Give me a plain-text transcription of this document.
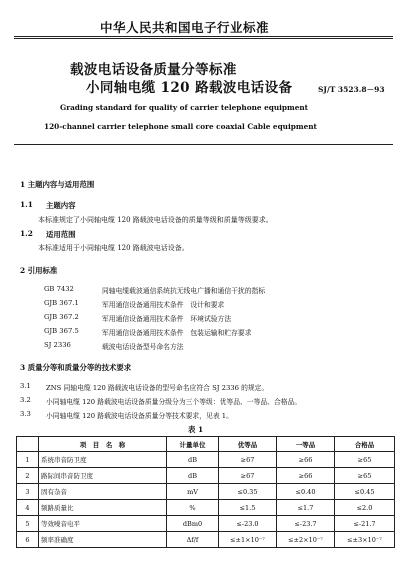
中华人民共和国电子行业标准
载波电话设备质量分等标准
小同轴电缆 120 路载波电话设备	SJ/T 3523.8－93
Grading standard for quality of carrier telephone equipment
120-channel carrier telephone small core coaxial Cable equipment
1 主题内容与适用范围
1.1 主题内容
本标准规定了小同轴电缆 120 路载波电话设备的质量等级和质量等级要求。
1.2 适用范围
本标准适用于小同轴电缆 120 路载波电话设备。
2 引用标准
GB 7432	同轴电缆载波通信系统抗无线电广播和通信干扰的指标
GJB 367.1	军用通信设备通用技术条件　设计和要求
GJB 367.2	军用通信设备通用技术条件　环境试验方法
GJB 367.5	军用通信设备通用技术条件　包装运输和贮存要求
SJ 2336	载波电话设备型号命名方法
3 质量分等和质量分等的技术要求
3.1 ZNS 同轴电缆 120 路载波电话设备的型号命名应符合 SJ 2336 的规定。
3.2 小同轴电缆 120 路载波电话设备质量分级分为三个等级：优等品、一等品、合格品。
3.3 小同轴电缆 120 路载波电话设备质量分等技术要求，见表 1。
表 1
	项　目　名　称	计量单位	优等品	一等品	合格品
1	系统串音防卫度	dB	≥67	≥66	≥65
2	路际间串音防卫度	dB	≥67	≥66	≥65
3	固有杂音	mV	≤0.35	≤0.40	≤0.45
4	频路质量比	%	≤1.5	≤1.7	≤2.0
5	等效噪音电平	dBm0	≤-23.0	≤-23.7	≤-21.7
6	频率准确度	Δf/f	≤±1×10⁻⁷	≤±2×10⁻⁷	≤±3×10⁻⁷
